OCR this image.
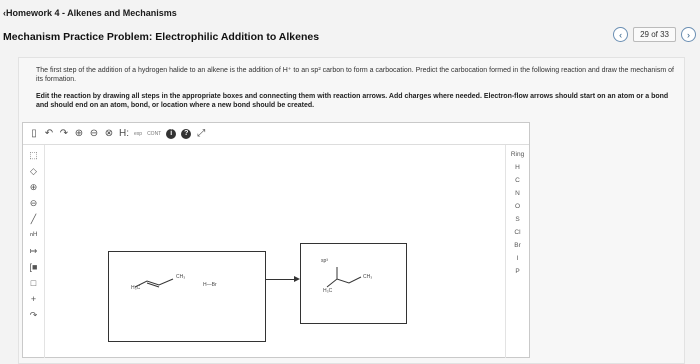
‹Homework 4 - Alkenes and Mechanisms
Mechanism Practice Problem: Electrophilic Addition to Alkenes	‹	29 of 33	›
The first step of the addition of a hydrogen halide to an alkene is the addition of H⁺ to an sp² carbon to form a carbocation. Predict the carbocation formed in the following reaction and draw the mechanism of its formation.
Edit the reaction by drawing all steps in the appropriate boxes and connecting them with reaction arrows. Add charges where needed. Electron-flow arrows should start on an atom or a bond and should end on an atom, bond, or location where a new bond should be created.
▯ ↶ ↷ ⊕ ⊖ ⊗ H: exp CONT	i	? ⤢
⬚
◇
⊕
⊖
╱
ⁿᴴ
↦
[■
□
+
↷
Ring
H
C
N
O
S
Cl
Br
I
P
CH₃
H₃C	H—Br
sp³
CH₃
H₃C
